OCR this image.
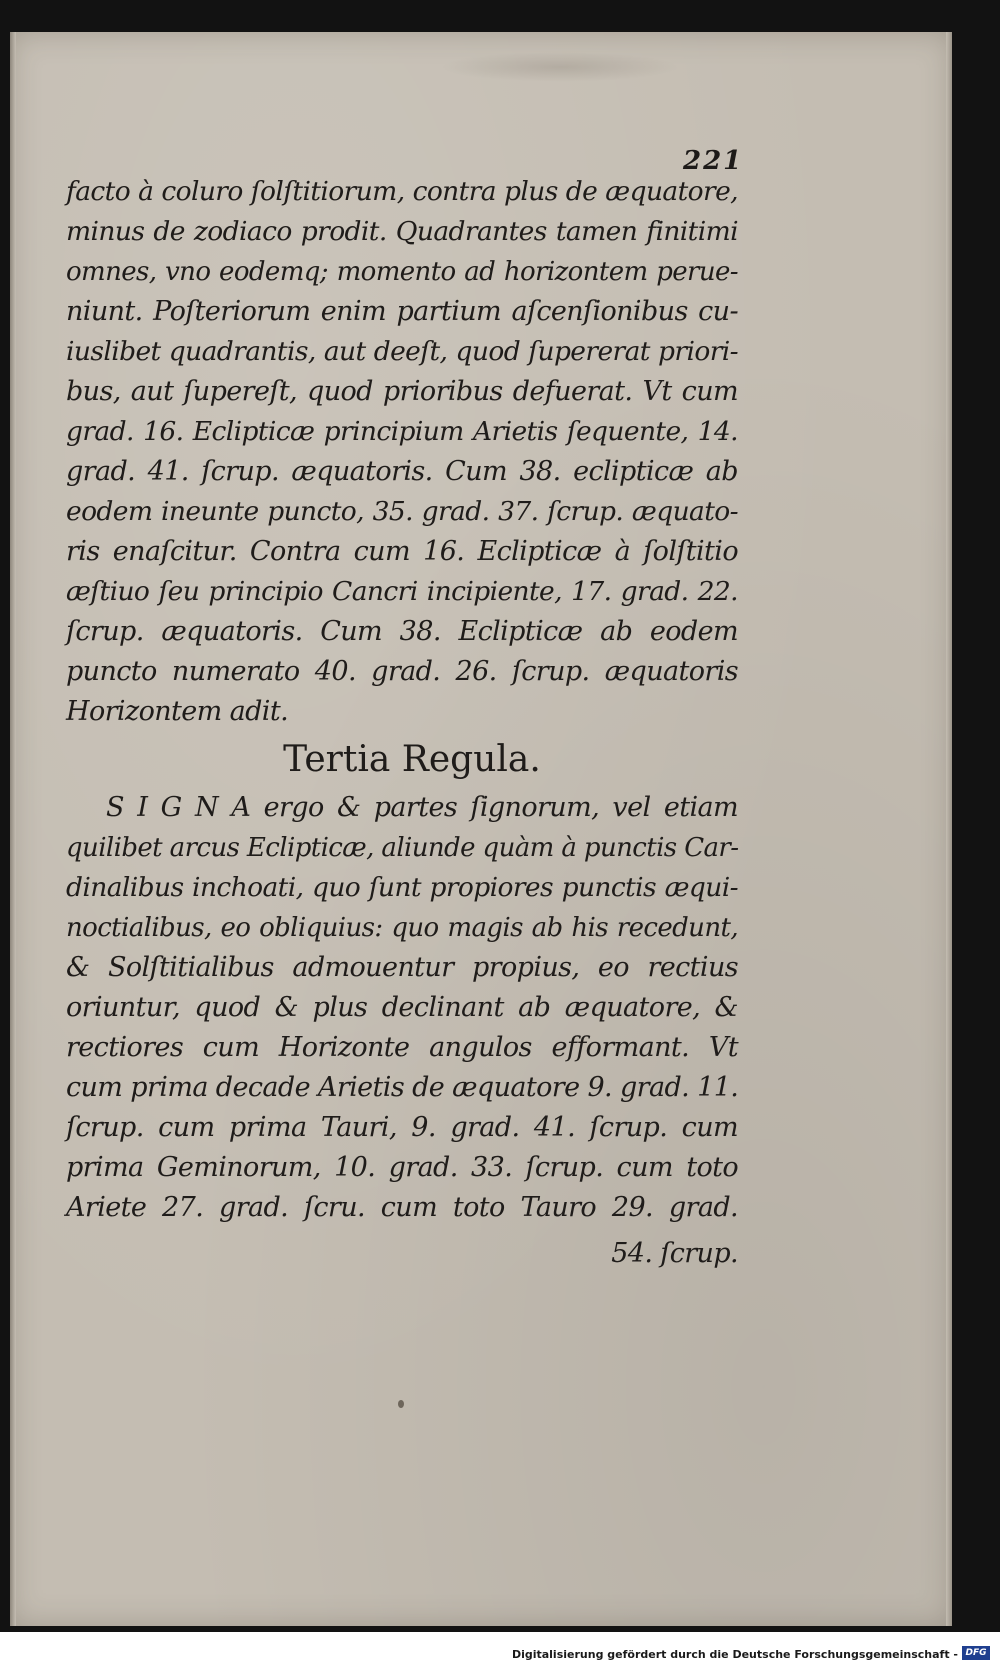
221
facto à coluro ſolſtitiorum, contra plus de æquatore,
minus de zodiaco prodit. Quadrantes tamen finitimi
omnes, vno eodemq; momento ad horizontem perue-
niunt. Poſteriorum enim partium aſcenſionibus cu-
iuslibet quadrantis, aut deeſt, quod ſupererat priori-
bus, aut ſupereſt, quod prioribus defuerat. Vt cum
grad. 16. Eclipticæ principium Arietis ſequente, 14.
grad. 41. ſcrup. æquatoris. Cum 38. eclipticæ ab
eodem ineunte puncto, 35. grad. 37. ſcrup. æquato-
ris enaſcitur. Contra cum 16. Eclipticæ à ſolſtitio
æſtiuo ſeu principio Cancri incipiente, 17. grad. 22.
ſcrup. æquatoris. Cum 38. Eclipticæ ab eodem
puncto numerato 40. grad. 26. ſcrup. æquatoris
Horizontem adit.
Tertia Regula.
S I G N A ergo & partes ſignorum, vel etiam
quilibet arcus Eclipticæ, aliunde quàm à punctis Car-
dinalibus inchoati, quo ſunt propiores punctis æqui-
noctialibus, eo obliquius: quo magis ab his recedunt,
& Solſtitialibus admouentur propius, eo rectius
oriuntur, quod & plus declinant ab æquatore, &
rectiores cum Horizonte angulos efformant. Vt
cum prima decade Arietis de æquatore 9. grad. 11.
ſcrup. cum prima Tauri, 9. grad. 41. ſcrup. cum
prima Geminorum, 10. grad. 33. ſcrup. cum toto
Ariete 27. grad. ſcru. cum toto Tauro 29. grad.
54. ſcrup.
Digitalisierung gefördert durch die Deutsche Forschungsgemeinschaft - DFG
